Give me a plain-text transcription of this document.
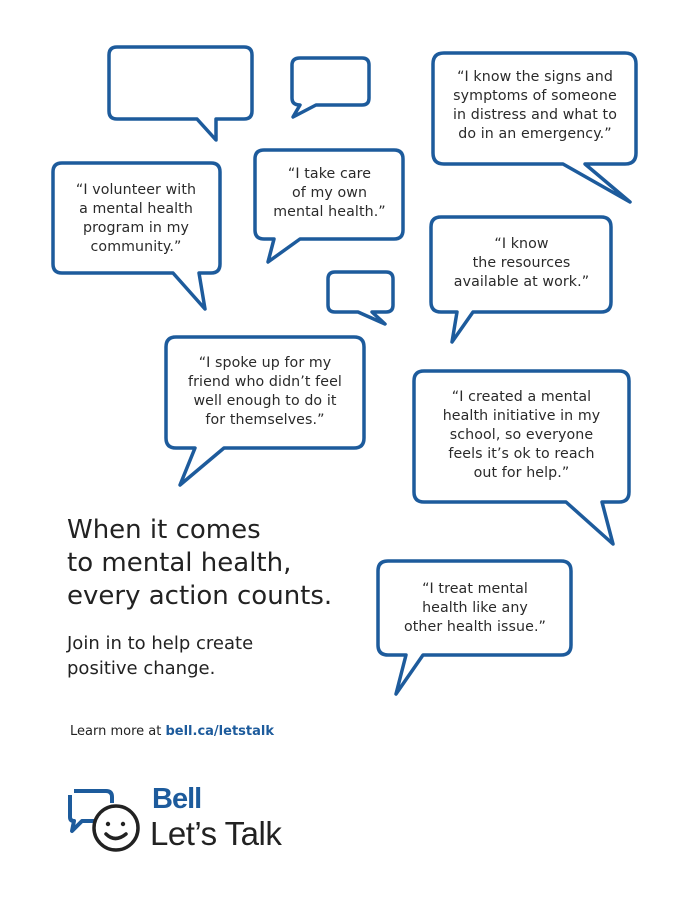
“I know the signs and
symptoms of someone
in distress and what to
do in an emergency.”
“I take care
of my own
mental health.”
“I volunteer with
a mental health
program in my
community.”	“I know
the resources
available at work.”
“I spoke up for my
friend who didn’t feel
well enough to do it
for themselves.”
“I created a mental
health initiative in my
school, so everyone
feels it’s ok to reach
out for help.”
“I treat mental
health like any
other health issue.”
When it comes
to mental health,
every action counts.
Join in to help create
positive change.
Learn more at bell.ca/letstalk
Bell
Let’s Talk
